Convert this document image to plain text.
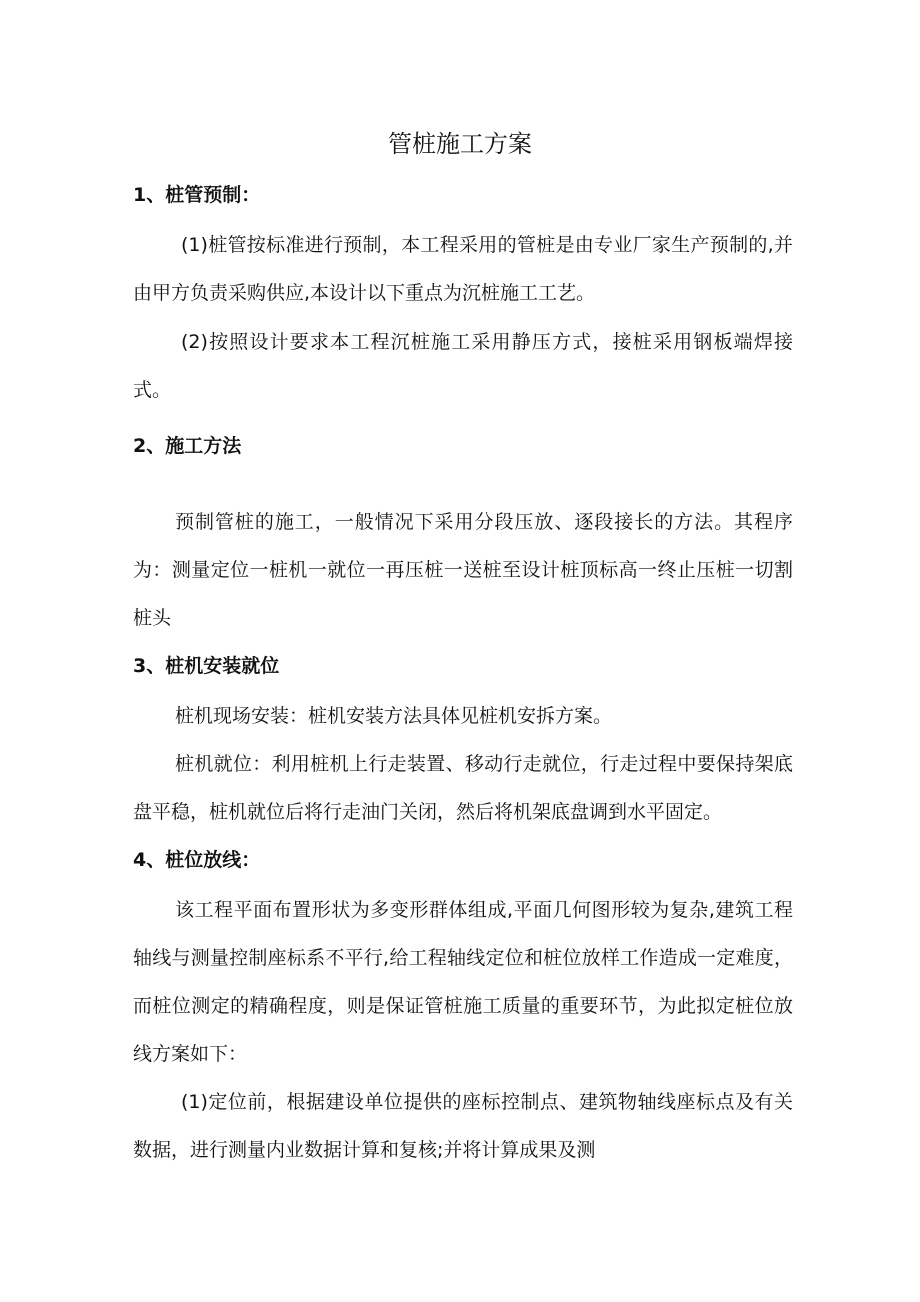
管桩施工方案
1、桩管预制：

(1)桩管按标准进行预制，本工程采用的管桩是由专业厂家生产预制的,并由甲方负责采购供应,本设计以下重点为沉桩施工工艺。

(2)按照设计要求本工程沉桩施工采用静压方式，接桩采用钢板端焊接式。

2、施工方法

预制管桩的施工，一般情况下采用分段压放、逐段接长的方法。其程序为：测量定位一桩机一就位一再压桩一送桩至设计桩顶标高一终止压桩一切割桩头

3、桩机安装就位

桩机现场安装：桩机安装方法具体见桩机安拆方案。

桩机就位：利用桩机上行走装置、移动行走就位，行走过程中要保持架底盘平稳，桩机就位后将行走油门关闭，然后将机架底盘调到水平固定。

4、桩位放线：

该工程平面布置形状为多变形群体组成,平面几何图形较为复杂,建筑工程轴线与测量控制座标系不平行,给工程轴线定位和桩位放样工作造成一定难度，而桩位测定的精确程度，则是保证管桩施工质量的重要环节，为此拟定桩位放线方案如下：

(1)定位前，根据建设单位提供的座标控制点、建筑物轴线座标点及有关数据，进行测量内业数据计算和复核;并将计算成果及测
